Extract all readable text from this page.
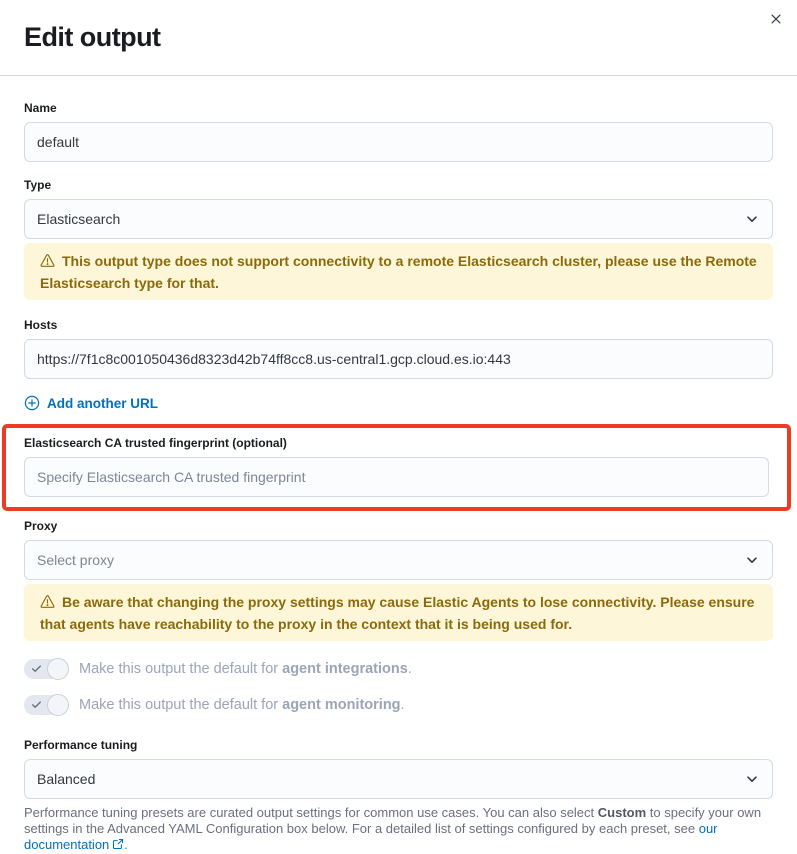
Edit output
Name
default
Type
Elasticsearch
This output type does not support connectivity to a remote Elasticsearch cluster, please use the Remote Elasticsearch type for that.
Hosts
https://7f1c8c001050436d8323d42b74ff8cc8.us-central1.gcp.cloud.es.io:443
Add another URL
Elasticsearch CA trusted fingerprint (optional)
Specify Elasticsearch CA trusted fingerprint
Proxy
Select proxy
Be aware that changing the proxy settings may cause Elastic Agents to lose connectivity. Please ensure that agents have reachability to the proxy in the context that it is being used for.
Make this output the default for agent integrations.
Make this output the default for agent monitoring.
Performance tuning
Balanced

Performance tuning presets are curated output settings for common use cases. You can also select Custom to specify your own settings in the Advanced YAML Configuration box below. For a detailed list of settings configured by each preset, see our documentation .
